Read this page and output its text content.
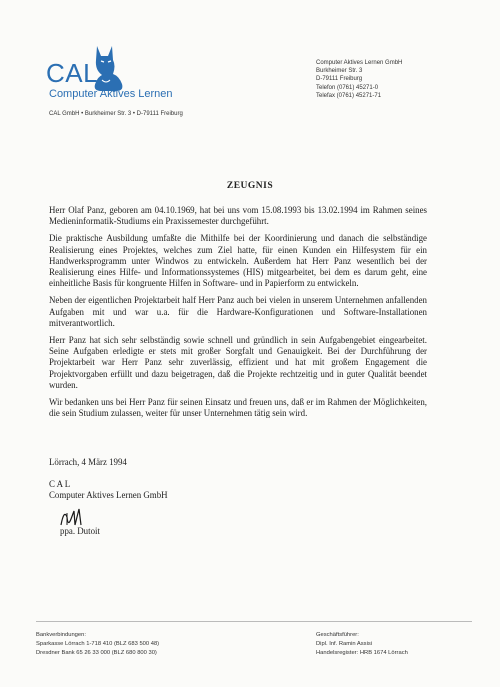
CAL
Computer Aktives Lernen
Computer Aktives Lernen GmbH
Burkheimer Str. 3
D-79111 Freiburg
Telefon (0761) 45271-0
Telefax (0761) 45271-71
CAL GmbH • Burkheimer Str. 3 • D-79111 Freiburg
ZEUGNIS

Herr Olaf Panz, geboren am 04.10.1969, hat bei uns vom 15.08.1993 bis 13.02.1994 im Rahmen seines Medieninformatik-Studiums ein Praxissemester durchgeführt.

Die praktische Ausbildung umfaßte die Mithilfe bei der Koordinierung und danach die selbständige Realisierung eines Projektes, welches zum Ziel hatte, für einen Kunden ein Hilfesystem für ein Handwerksprogramm unter Windwos zu entwickeln. Außerdem hat Herr Panz wesentlich bei der Realisierung eines Hilfe- und Informationssystemes (HIS) mitgearbeitet, bei dem es darum geht, eine einheitliche Basis für kongruente Hilfen in Software- und in Papierform zu entwickeln.

Neben der eigentlichen Projektarbeit half Herr Panz auch bei vielen in unserem Unternehmen anfallenden Aufgaben mit und war u.a. für die Hardware-Konfigurationen und Software-Installationen mitverantwortlich.

Herr Panz hat sich sehr selbständig sowie schnell und gründlich in sein Aufgabengebiet eingearbeitet. Seine Aufgaben erledigte er stets mit großer Sorgfalt und Genauigkeit. Bei der Durchführung der Projektarbeit war Herr Panz sehr zuverlässig, effizient und hat mit großem Engagement die Projektvorgaben erfüllt und dazu beigetragen, daß die Projekte rechtzeitig und in guter Qualität beendet wurden.

Wir bedanken uns bei Herr Panz für seinen Einsatz und freuen uns, daß er im Rahmen der Möglichkeiten, die sein Studium zulassen, weiter für unser Unternehmen tätig sein wird.

Lörrach, 4 März 1994
C A L
Computer Aktives Lernen GmbH
ppa. Dutoit
Bankverbindungen:
Sparkasse Lörrach 1-718 410 (BLZ 683 500 48)
Dresdner Bank 65 26 33 000 (BLZ 680 800 30)
Geschäftsführer:
Dipl. Inf. Ramin Assisi
Handelsregister: HRB 1674 Lörrach
